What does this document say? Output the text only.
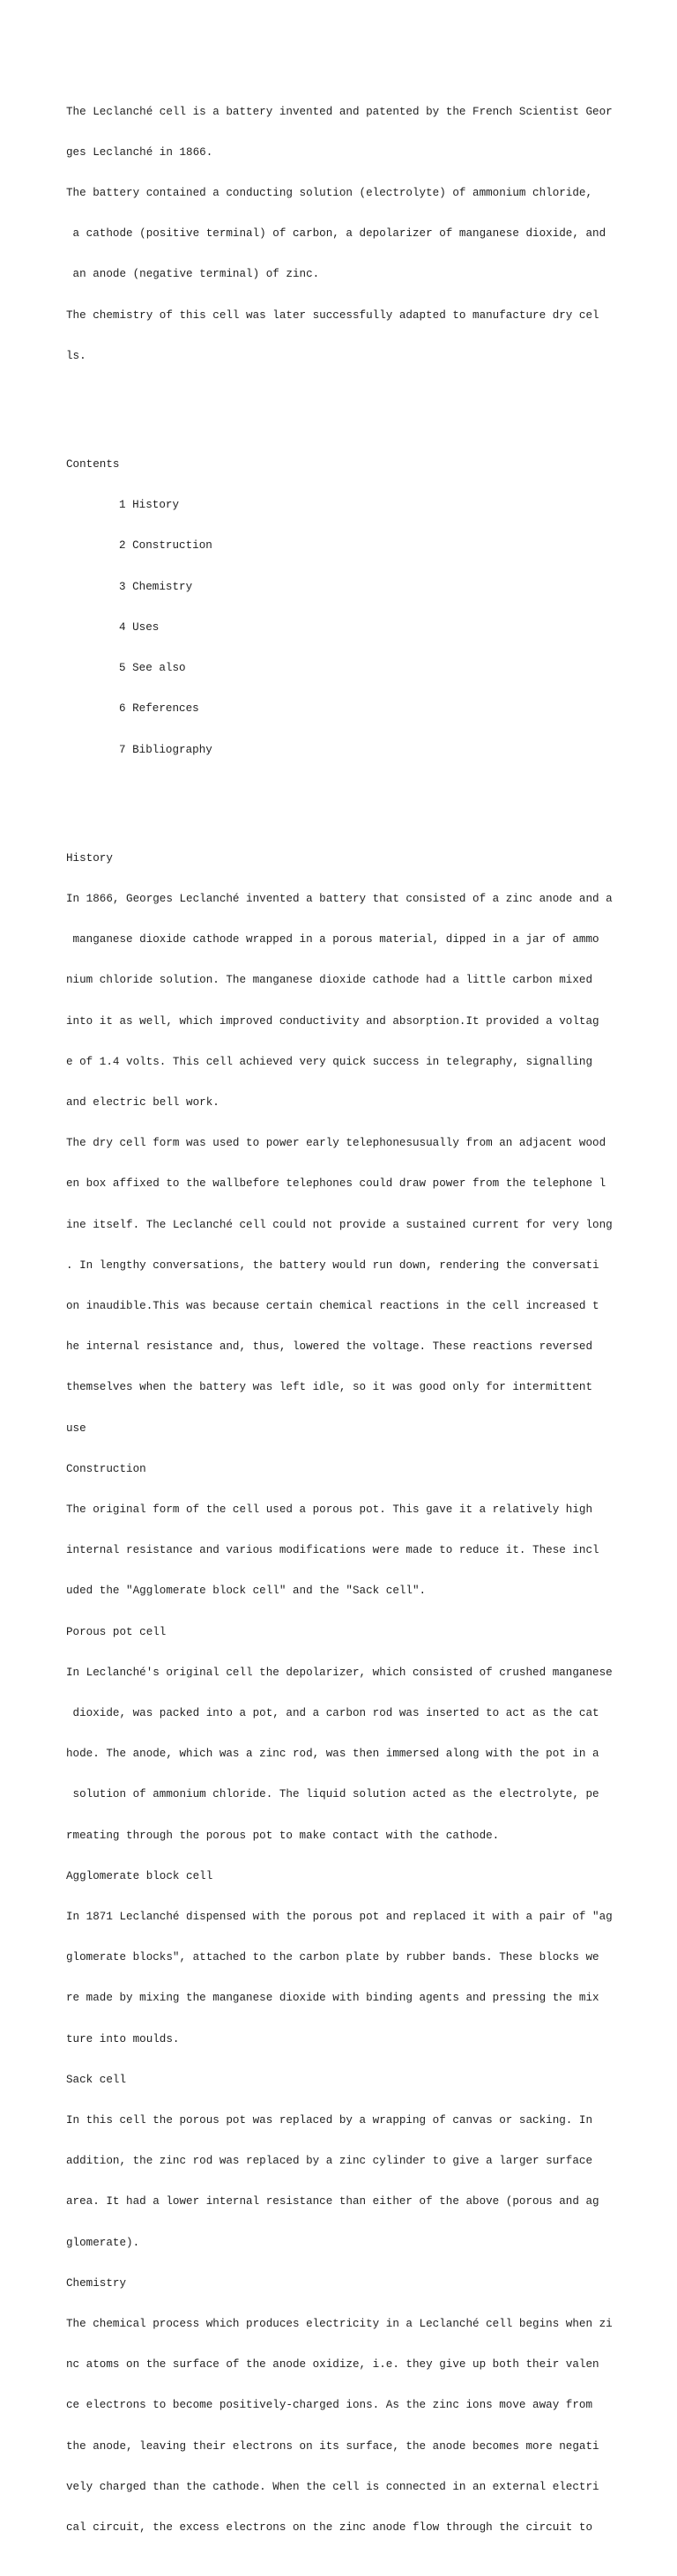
The Leclanché cell is a battery invented and patented by the French Scientist Geor

ges Leclanché in 1866.

The battery contained a conducting solution (electrolyte) of ammonium chloride,

a cathode (positive terminal) of carbon, a depolarizer of manganese dioxide, and

an anode (negative terminal) of zinc.

The chemistry of this cell was later successfully adapted to manufacture dry cel

ls.

Contents

1 History

2 Construction

3 Chemistry

4 Uses

5 See also

6 References

7 Bibliography

History

In 1866, Georges Leclanché invented a battery that consisted of a zinc anode and a

manganese dioxide cathode wrapped in a porous material, dipped in a jar of ammo

nium chloride solution. The manganese dioxide cathode had a little carbon mixed

into it as well, which improved conductivity and absorption.It provided a voltag

e of 1.4 volts. This cell achieved very quick success in telegraphy, signalling

and electric bell work.

The dry cell form was used to power early telephonesusually from an adjacent wood

en box affixed to the wallbefore telephones could draw power from the telephone l

ine itself. The Leclanché cell could not provide a sustained current for very long

. In lengthy conversations, the battery would run down, rendering the conversati

on inaudible.This was because certain chemical reactions in the cell increased t

he internal resistance and, thus, lowered the voltage. These reactions reversed

themselves when the battery was left idle, so it was good only for intermittent

use

Construction

The original form of the cell used a porous pot. This gave it a relatively high

internal resistance and various modifications were made to reduce it. These incl

uded the "Agglomerate block cell" and the "Sack cell".

Porous pot cell

In Leclanché's original cell the depolarizer, which consisted of crushed manganese

dioxide, was packed into a pot, and a carbon rod was inserted to act as the cat

hode. The anode, which was a zinc rod, was then immersed along with the pot in a

solution of ammonium chloride. The liquid solution acted as the electrolyte, pe

rmeating through the porous pot to make contact with the cathode.

Agglomerate block cell

In 1871 Leclanché dispensed with the porous pot and replaced it with a pair of "ag

glomerate blocks", attached to the carbon plate by rubber bands. These blocks we

re made by mixing the manganese dioxide with binding agents and pressing the mix

ture into moulds.

Sack cell

In this cell the porous pot was replaced by a wrapping of canvas or sacking. In

addition, the zinc rod was replaced by a zinc cylinder to give a larger surface

area. It had a lower internal resistance than either of the above (porous and ag

glomerate).

Chemistry

The chemical process which produces electricity in a Leclanché cell begins when zi

nc atoms on the surface of the anode oxidize, i.e. they give up both their valen

ce electrons to become positively-charged ions. As the zinc ions move away from

the anode, leaving their electrons on its surface, the anode becomes more negati

vely charged than the cathode. When the cell is connected in an external electri

cal circuit, the excess electrons on the zinc anode flow through the circuit to
